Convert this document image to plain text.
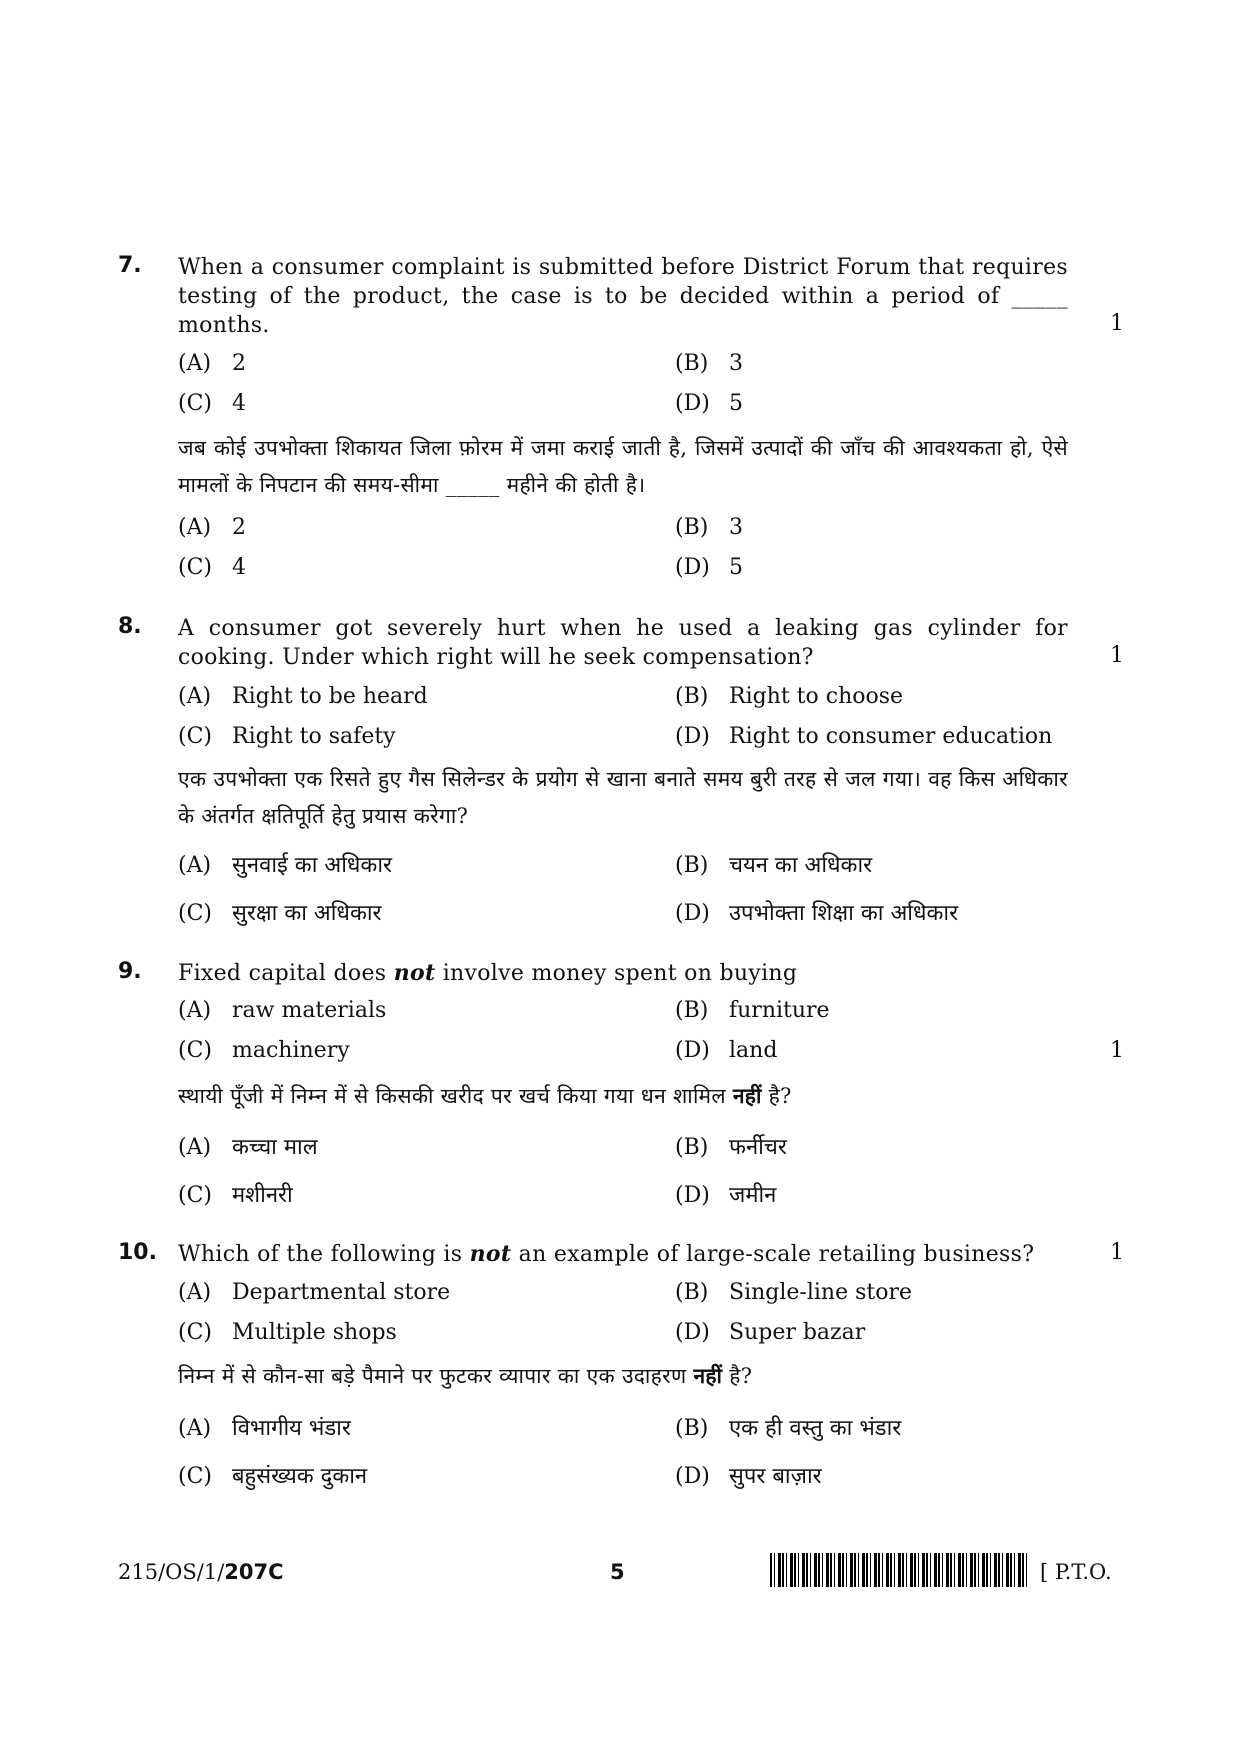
7. When a consumer complaint is submitted before District Forum that requires testing of the product, the case is to be decided within a period of _____ months.	1
(A) 2	(B) 3
(C) 4	(D) 5
जब कोई उपभोक्ता शिकायत जिला फ़ोरम में जमा कराई जाती है, जिसमें उत्पादों की जाँच की आवश्यकता हो, ऐसे मामलों के निपटान की समय-सीमा _____ महीने की होती है।
(A) 2	(B) 3
(C) 4	(D) 5
8. A consumer got severely hurt when he used a leaking gas cylinder for cooking. Under which right will he seek compensation?	1
(A) Right to be heard	(B) Right to choose
(C) Right to safety	(D) Right to consumer education
एक उपभोक्ता एक रिसते हुए गैस सिलेन्डर के प्रयोग से खाना बनाते समय बुरी तरह से जल गया। वह किस अधिकार के अंतर्गत क्षतिपूर्ति हेतु प्रयास करेगा?
(A) सुनवाई का अधिकार	(B) चयन का अधिकार
(C) सुरक्षा का अधिकार	(D) उपभोक्ता शिक्षा का अधिकार
9. Fixed capital does not involve money spent on buying
(A) raw materials	(B) furniture
(C) machinery	(D) land	1
स्थायी पूँजी में निम्न में से किसकी खरीद पर खर्च किया गया धन शामिल नहीं है?
(A) कच्चा माल	(B) फर्नीचर
(C) मशीनरी	(D) जमीन
10. Which of the following is not an example of large-scale retailing business?	1
(A) Departmental store	(B) Single-line store
(C) Multiple shops	(D) Super bazar
निम्न में से कौन-सा बड़े पैमाने पर फुटकर व्यापार का एक उदाहरण नहीं है?
(A) विभागीय भंडार	(B) एक ही वस्तु का भंडार
(C) बहुसंख्यक दुकान	(D) सुपर बाज़ार
215/OS/1/207C	5	[ P.T.O.
